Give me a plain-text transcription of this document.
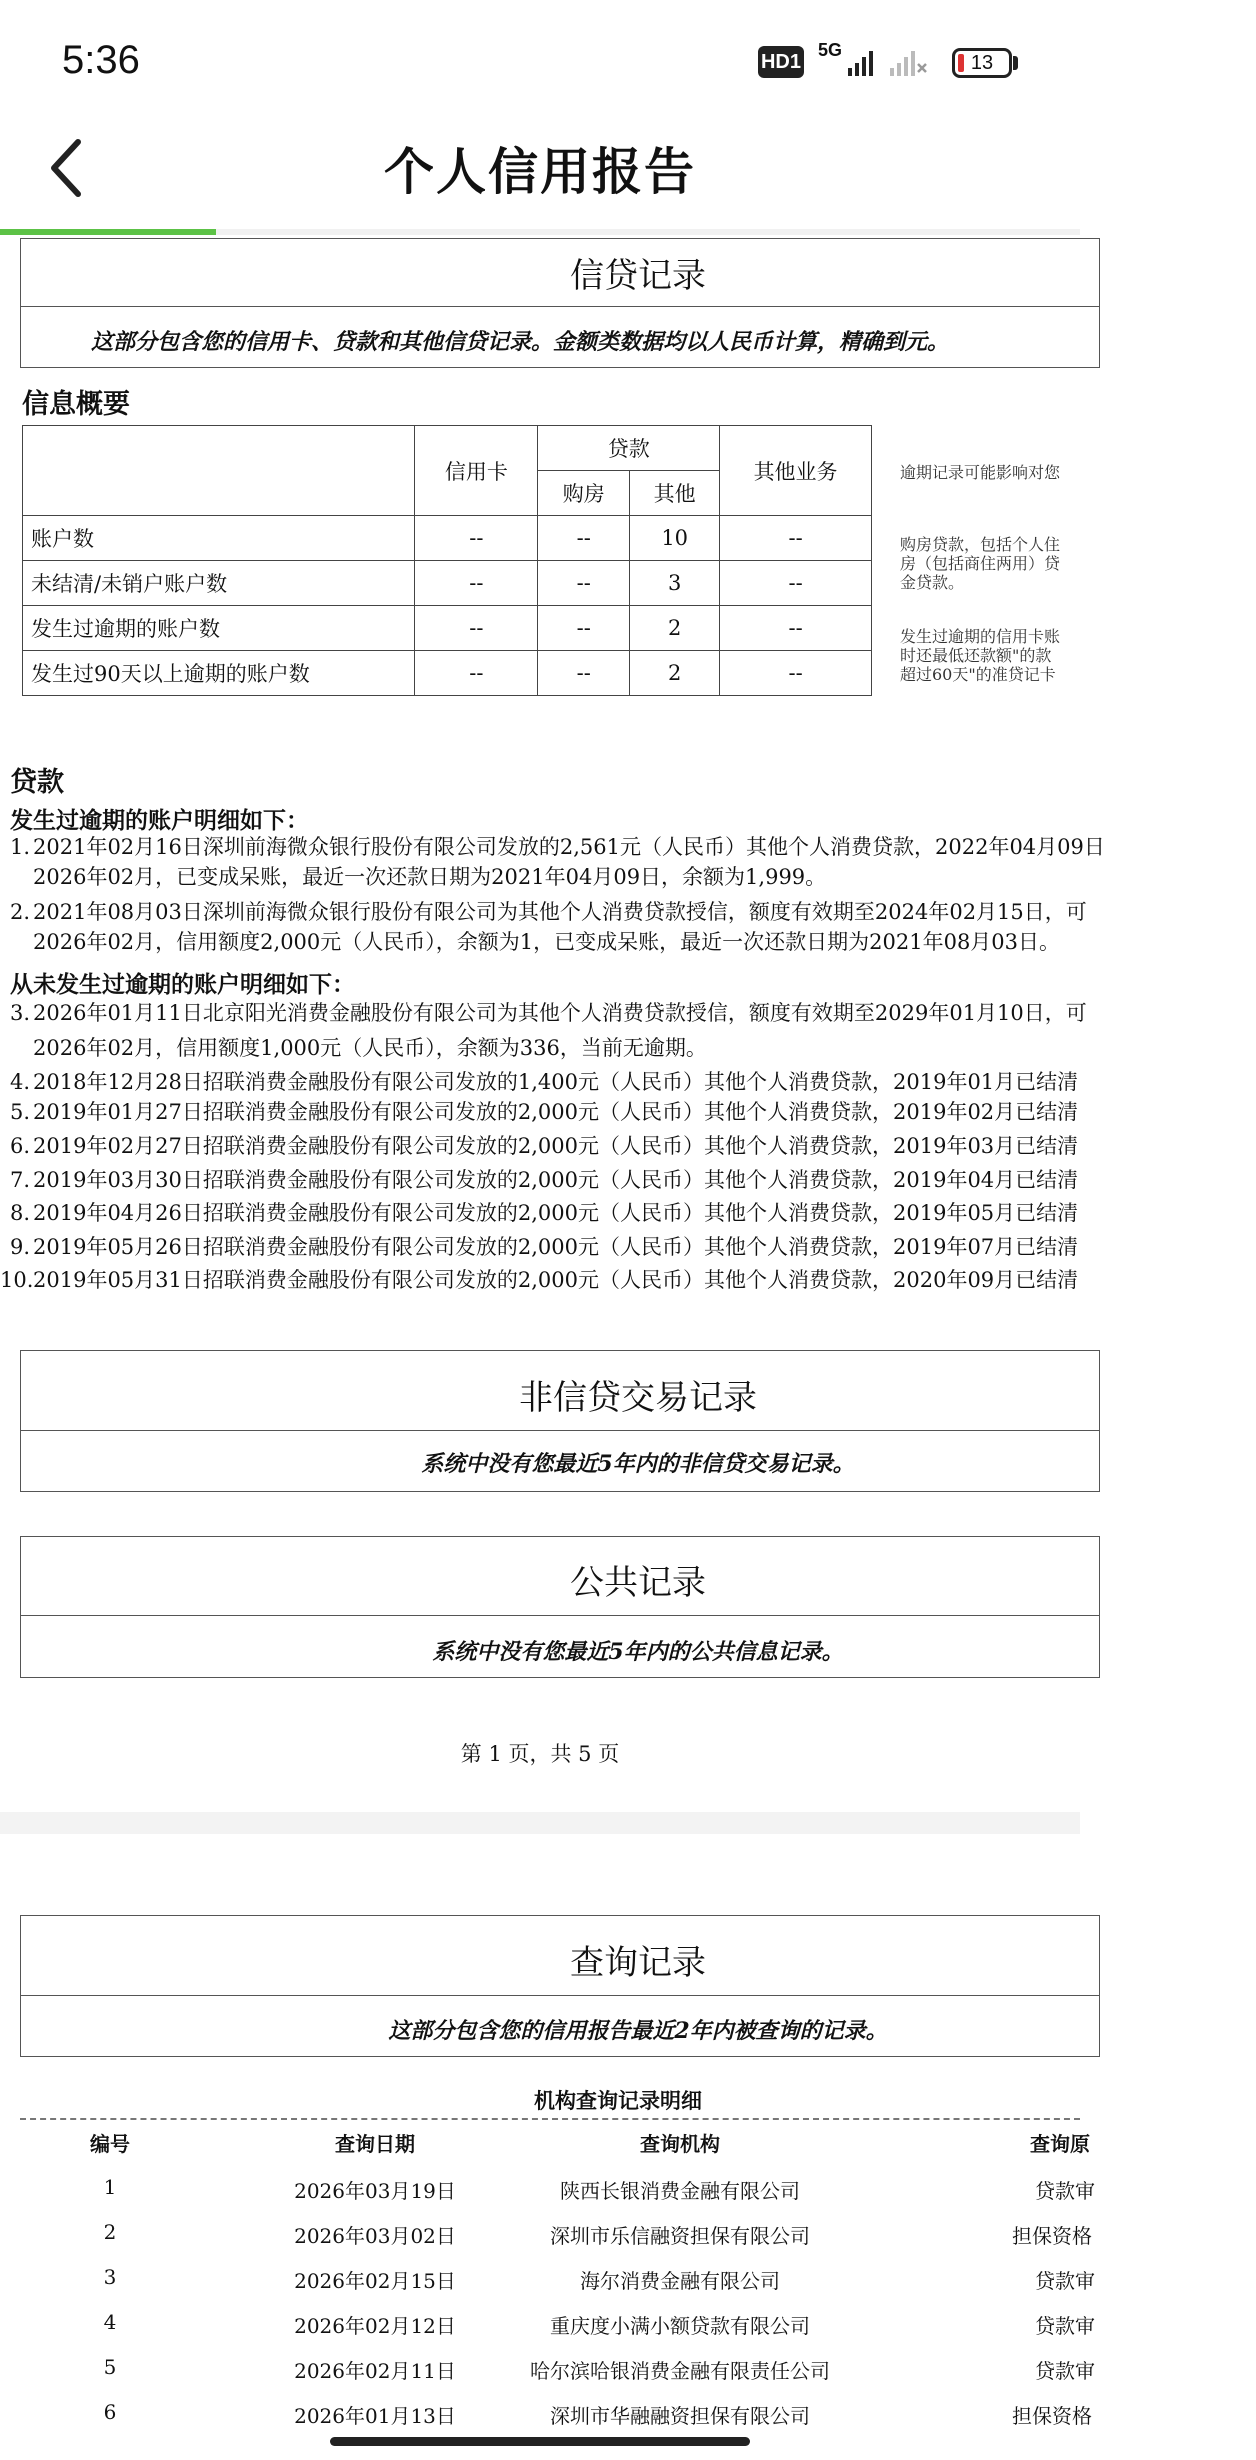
5:36	HD1
5G
13
个人信用报告
信贷记录
这部分包含您的信用卡、贷款和其他信贷记录。金额类数据均以人民币计算，精确到元。
信息概要
	信用卡	贷款		其他业务
		购房	其他	
账户数	--	--	10	--
未结清/未销户账户数	--	--	3	--
发生过逾期的账户数	--	--	2	--
发生过90天以上逾期的账户数	--	--	2	--
逾期记录可能影响对您
购房贷款，包括个人住
房（包括商住两用）贷
金贷款。
发生过逾期的信用卡账
时还最低还款额"的款
超过60天"的准贷记卡
贷款
发生过逾期的账户明细如下：
1. 2021年02月16日深圳前海微众银行股份有限公司发放的2,561元（人民币）其他个人消费贷款，2022年04月09日
2026年02月，已变成呆账，最近一次还款日期为2021年04月09日，余额为1,999。
2. 2021年08月03日深圳前海微众银行股份有限公司为其他个人消费贷款授信，额度有效期至2024年02月15日，可
2026年02月，信用额度2,000元（人民币），余额为1，已变成呆账，最近一次还款日期为2021年08月03日。
从未发生过逾期的账户明细如下：
3. 2026年01月11日北京阳光消费金融股份有限公司为其他个人消费贷款授信，额度有效期至2029年01月10日，可
2026年02月，信用额度1,000元（人民币），余额为336，当前无逾期。
4. 2018年12月28日招联消费金融股份有限公司发放的1,400元（人民币）其他个人消费贷款，2019年01月已结清
5. 2019年01月27日招联消费金融股份有限公司发放的2,000元（人民币）其他个人消费贷款，2019年02月已结清
6. 2019年02月27日招联消费金融股份有限公司发放的2,000元（人民币）其他个人消费贷款，2019年03月已结清
7. 2019年03月30日招联消费金融股份有限公司发放的2,000元（人民币）其他个人消费贷款，2019年04月已结清
8. 2019年04月26日招联消费金融股份有限公司发放的2,000元（人民币）其他个人消费贷款，2019年05月已结清
9. 2019年05月26日招联消费金融股份有限公司发放的2,000元（人民币）其他个人消费贷款，2019年07月已结清
10. 2019年05月31日招联消费金融股份有限公司发放的2,000元（人民币）其他个人消费贷款，2020年09月已结清
非信贷交易记录
系统中没有您最近5年内的非信贷交易记录。
公共记录
系统中没有您最近5年内的公共信息记录。
第 1 页，共 5 页
查询记录
这部分包含您的信用报告最近2年内被查询的记录。
机构查询记录明细
编号	查询日期	查询机构	查询原
1	2026年03月19日	陕西长银消费金融有限公司	贷款审
2	2026年03月02日	深圳市乐信融资担保有限公司	担保资格
3	2026年02月15日	海尔消费金融有限公司	贷款审
4	2026年02月12日	重庆度小满小额贷款有限公司	贷款审
5	2026年02月11日	哈尔滨哈银消费金融有限责任公司	贷款审
6	2026年01月13日	深圳市华融融资担保有限公司	担保资格
